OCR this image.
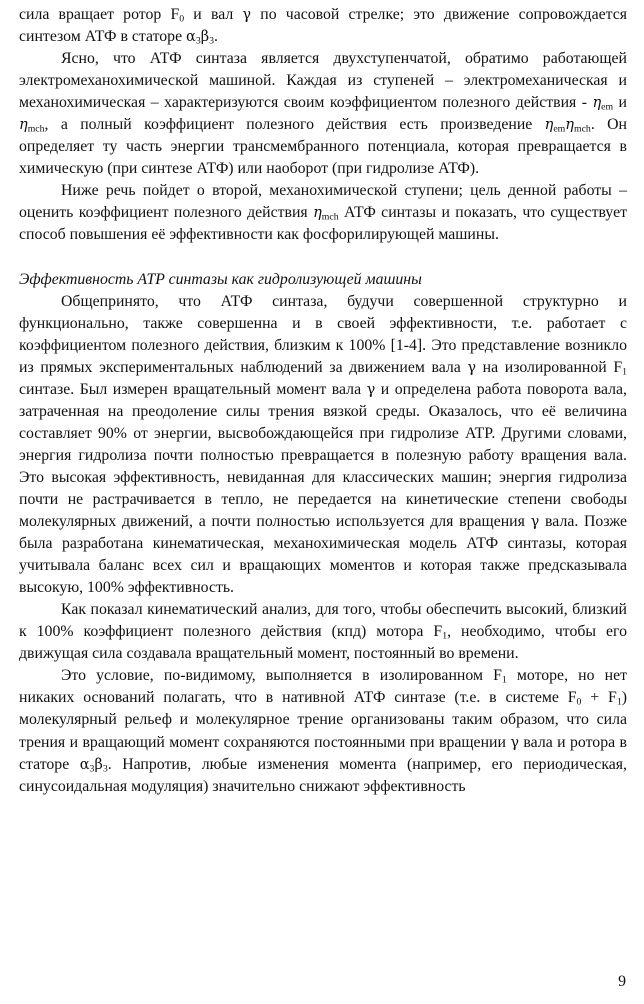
сила вращает ротор $F_0$ и вал γ по часовой стрелке; это движение сопровождается синтезом АТФ в статоре $\alpha_3\beta_3$.

Ясно, что АТФ синтаза является двухступенчатой, обратимо работающей электромеханохимической машиной. Каждая из ступеней – электромеханическая и механохимическая – характеризуются своим коэффициентом полезного действия - $\eta_{em}$ и $\eta_{mch}$, а полный коэффициент полезного действия есть произведение $\eta_{em}\eta_{mch}$. Он определяет ту часть энергии трансмембранного потенциала, которая превращается в химическую (при синтезе АТФ) или наоборот (при гидролизе АТФ).

Ниже речь пойдет о второй, механохимической ступени; цель денной работы – оценить коэффициент полезного действия $\eta_{mch}$ АТФ синтазы и показать, что существует способ повышения её эффективности как фосфорилирующей машины.

Эффективность ATP синтазы как гидролизующей машины

Общепринято, что АТФ синтаза, будучи совершенной структурно и функционально, также совершенна и в своей эффективности, т.е. работает с коэффициентом полезного действия, близким к 100% [1-4]. Это представление возникло из прямых экспериментальных наблюдений за движением вала γ на изолированной $F_1$ синтазе. Был измерен вращательный момент вала γ и определена работа поворота вала, затраченная на преодоление силы трения вязкой среды. Оказалось, что её величина составляет 90% от энергии, высвобождающейся при гидролизе ATP. Другими словами, энергия гидролиза почти полностью превращается в полезную работу вращения вала. Это высокая эффективность, невиданная для классических машин; энергия гидролиза почти не растрачивается в тепло, не передается на кинетические степени свободы молекулярных движений, а почти полностью используется для вращения γ вала. Позже была разработана кинематическая, механохимическая модель АТФ синтазы, которая учитывала баланс всех сил и вращающих моментов и которая также предсказывала высокую, 100% эффективность.

Как показал кинематический анализ, для того, чтобы обеспечить высокий, близкий к 100% коэффициент полезного действия (кпд) мотора $F_1$, необходимо, чтобы его движущая сила создавала вращательный момент, постоянный во времени.

Это условие, по-видимому, выполняется в изолированном $F_1$ моторе, но нет никаких оснований полагать, что в нативной АТФ синтазе (т.е. в системе $F_0 + F_1$) молекулярный рельеф и молекулярное трение организованы таким образом, что сила трения и вращающий момент сохраняются постоянными при вращении γ вала и ротора в статоре $\alpha_3\beta_3$. Напротив, любые изменения момента (например, его периодическая, синусоидальная модуляция) значительно снижают эффективность

9
